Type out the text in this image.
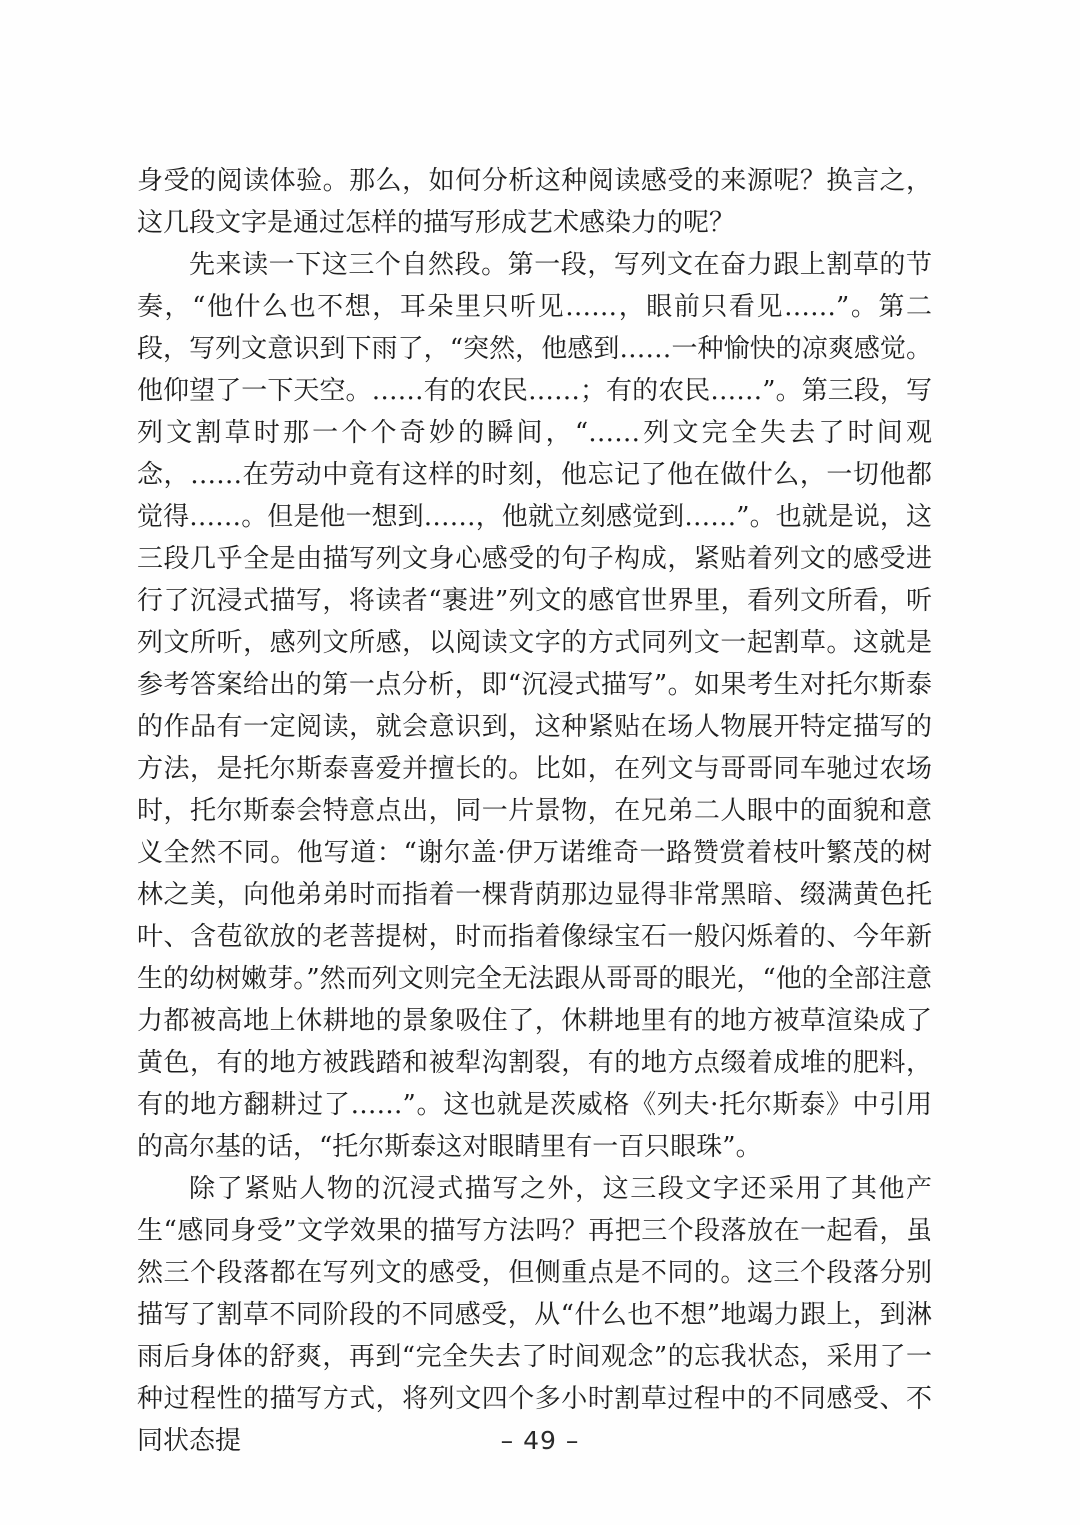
身受的阅读体验。那么，如何分析这种阅读感受的来源呢？换言之，这几段文字是通过怎样的描写形成艺术感染力的呢？

先来读一下这三个自然段。第一段，写列文在奋力跟上割草的节奏，“他什么也不想，耳朵里只听见……，眼前只看见……”。第二段，写列文意识到下雨了，“突然，他感到……一种愉快的凉爽感觉。他仰望了一下天空。……有的农民……；有的农民……”。第三段，写列文割草时那一个个奇妙的瞬间，“……列文完全失去了时间观念，……在劳动中竟有这样的时刻，他忘记了他在做什么，一切他都觉得……。但是他一想到……，他就立刻感觉到……”。也就是说，这三段几乎全是由描写列文身心感受的句子构成，紧贴着列文的感受进行了沉浸式描写，将读者“裹进”列文的感官世界里，看列文所看，听列文所听，感列文所感，以阅读文字的方式同列文一起割草。这就是参考答案给出的第一点分析，即“沉浸式描写”。如果考生对托尔斯泰的作品有一定阅读，就会意识到，这种紧贴在场人物展开特定描写的方法，是托尔斯泰喜爱并擅长的。比如，在列文与哥哥同车驰过农场时，托尔斯泰会特意点出，同一片景物，在兄弟二人眼中的面貌和意义全然不同。他写道：“谢尔盖·伊万诺维奇一路赞赏着枝叶繁茂的树林之美，向他弟弟时而指着一棵背荫那边显得非常黑暗、缀满黄色托叶、含苞欲放的老菩提树，时而指着像绿宝石一般闪烁着的、今年新生的幼树嫩芽。”然而列文则完全无法跟从哥哥的眼光，“他的全部注意力都被高地上休耕地的景象吸住了，休耕地里有的地方被草渲染成了黄色，有的地方被践踏和被犁沟割裂，有的地方点缀着成堆的肥料，有的地方翻耕过了……”。这也就是茨威格《列夫·托尔斯泰》中引用的高尔基的话，“托尔斯泰这对眼睛里有一百只眼珠”。

除了紧贴人物的沉浸式描写之外，这三段文字还采用了其他产生“感同身受”文学效果的描写方法吗？再把三个段落放在一起看，虽然三个段落都在写列文的感受，但侧重点是不同的。这三个段落分别描写了割草不同阶段的不同感受，从“什么也不想”地竭力跟上，到淋雨后身体的舒爽，再到“完全失去了时间观念”的忘我状态，采用了一种过程性的描写方式，将列文四个多小时割草过程中的不同感受、不同状态提	– 49 –
